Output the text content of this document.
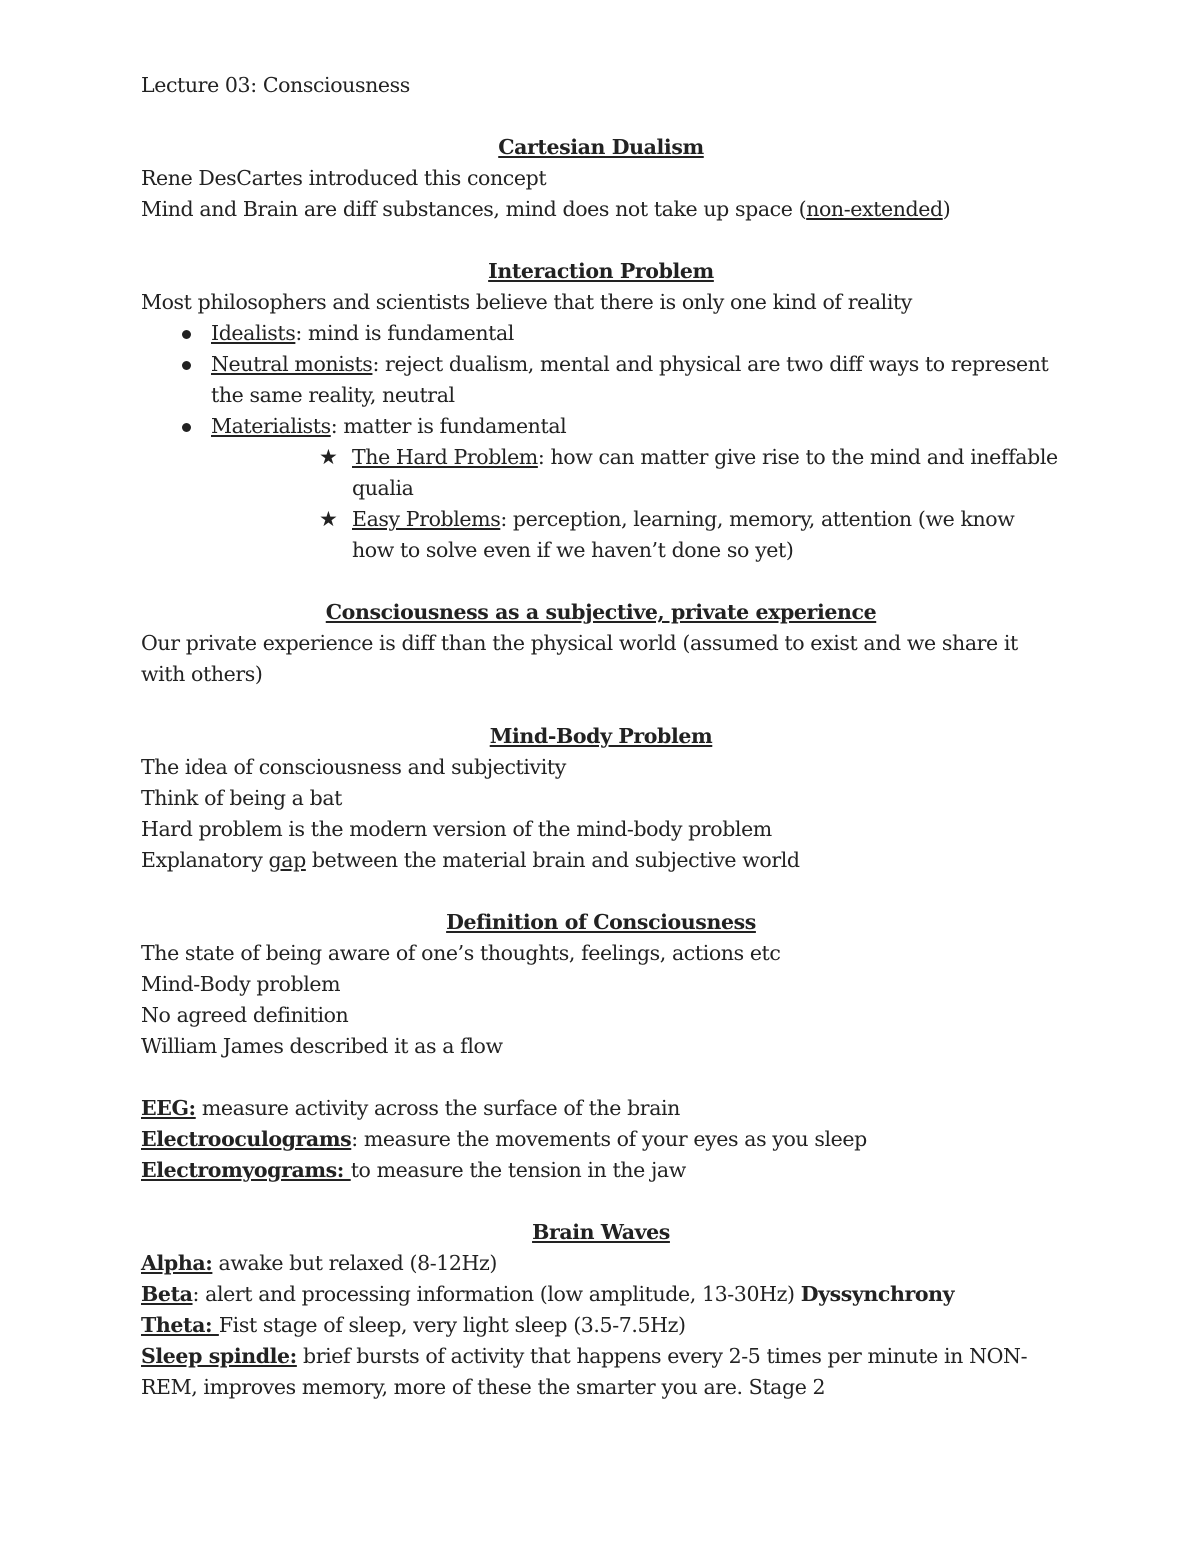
Lecture 03: Consciousness

Cartesian Dualism

Rene DesCartes introduced this concept

Mind and Brain are diff substances, mind does not take up space (non-extended)

Interaction Problem

Most philosophers and scientists believe that there is only one kind of reality

Idealists: mind is fundamental
Neutral monists: reject dualism, mental and physical are two diff ways to represent the same reality, neutral
Materialists: matter is fundamental
★ The Hard Problem: how can matter give rise to the mind and ineffable qualia
★ Easy Problems: perception, learning, memory, attention (we know how to solve even if we haven’t done so yet)

Consciousness as a subjective, private experience

Our private experience is diff than the physical world (assumed to exist and we share it with others)

Mind-Body Problem

The idea of consciousness and subjectivity

Think of being a bat

Hard problem is the modern version of the mind-body problem

Explanatory gap between the material brain and subjective world

Definition of Consciousness

The state of being aware of one’s thoughts, feelings, actions etc

Mind-Body problem

No agreed definition

William James described it as a flow

EEG: measure activity across the surface of the brain

Electrooculograms: measure the movements of your eyes as you sleep

Electromyograms: to measure the tension in the jaw

Brain Waves

Alpha: awake but relaxed (8-12Hz)

Beta: alert and processing information (low amplitude, 13-30Hz) Dyssynchrony

Theta: Fist stage of sleep, very light sleep (3.5-7.5Hz)

Sleep spindle: brief bursts of activity that happens every 2-5 times per minute in NON-REM, improves memory, more of these the smarter you are. Stage 2
